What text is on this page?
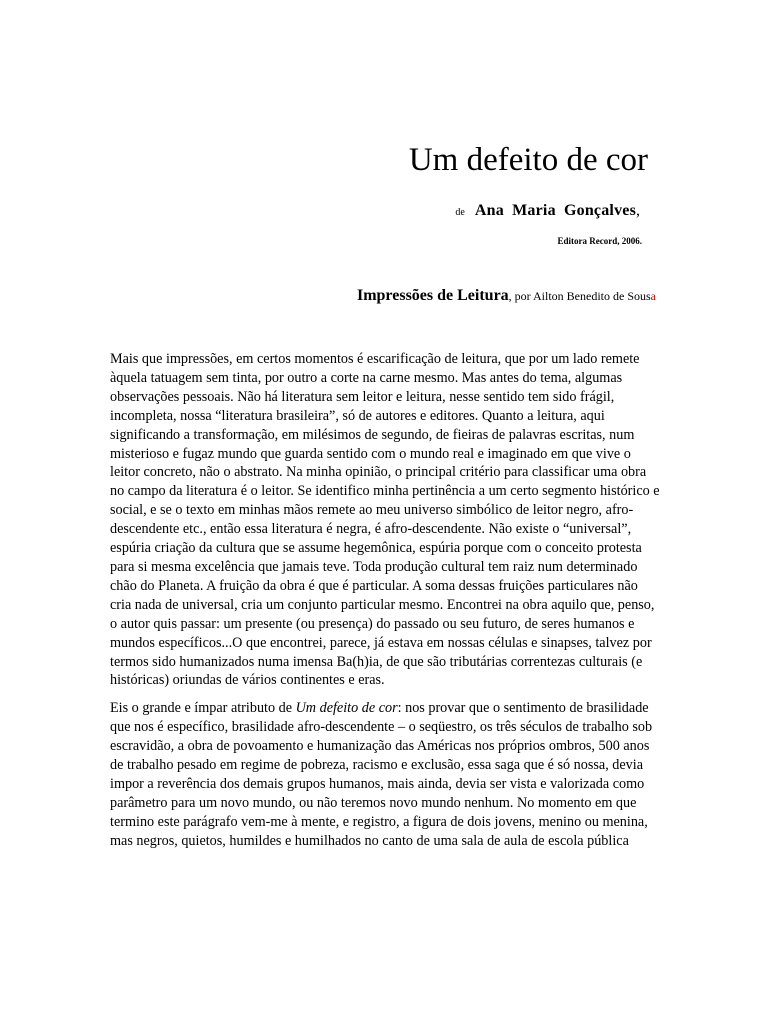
Um defeito de cor
de Ana Maria Gonçalves,
Editora Record, 2006.
Impressões de Leitura, por Ailton Benedito de Sousa

Mais que impressões, em certos momentos é escarificação de leitura, que por um lado remete àquela tatuagem sem tinta, por outro a corte na carne mesmo. Mas antes do tema, algumas observações pessoais. Não há literatura sem leitor e leitura, nesse sentido tem sido frágil, incompleta, nossa “literatura brasileira”, só de autores e editores. Quanto a leitura, aqui significando a transformação, em milésimos de segundo, de fieiras de palavras escritas, num misterioso e fugaz mundo que guarda sentido com o mundo real e imaginado em que vive o leitor concreto, não o abstrato. Na minha opinião, o principal critério para classificar uma obra no campo da literatura é o leitor. Se identifico minha pertinência a um certo segmento histórico e social, e se o texto em minhas mãos remete ao meu universo simbólico de leitor negro, afro-descendente etc., então essa literatura é negra, é afro-descendente. Não existe o “universal”, espúria criação da cultura que se assume hegemônica, espúria porque com o conceito protesta para si mesma excelência que jamais teve. Toda produção cultural tem raiz num determinado chão do Planeta. A fruição da obra é que é particular. A soma dessas fruições particulares não cria nada de universal, cria um conjunto particular mesmo. Encontrei na obra aquilo que, penso, o autor quis passar: um presente (ou presença) do passado ou seu futuro, de seres humanos e mundos específicos...O que encontrei, parece, já estava em nossas células e sinapses, talvez por termos sido humanizados numa imensa Ba(h)ia, de que são tributárias correntezas culturais (e históricas) oriundas de vários continentes e eras.

Eis o grande e ímpar atributo de Um defeito de cor: nos provar que o sentimento de brasilidade que nos é específico, brasilidade afro-descendente – o seqüestro, os três séculos de trabalho sob escravidão, a obra de povoamento e humanização das Américas nos próprios ombros, 500 anos de trabalho pesado em regime de pobreza, racismo e exclusão, essa saga que é só nossa, devia impor a reverência dos demais grupos humanos, mais ainda, devia ser vista e valorizada como parâmetro para um novo mundo, ou não teremos novo mundo nenhum. No momento em que termino este parágrafo vem-me à mente, e registro, a figura de dois jovens, menino ou menina, mas negros, quietos, humildes e humilhados no canto de uma sala de aula de escola pública
